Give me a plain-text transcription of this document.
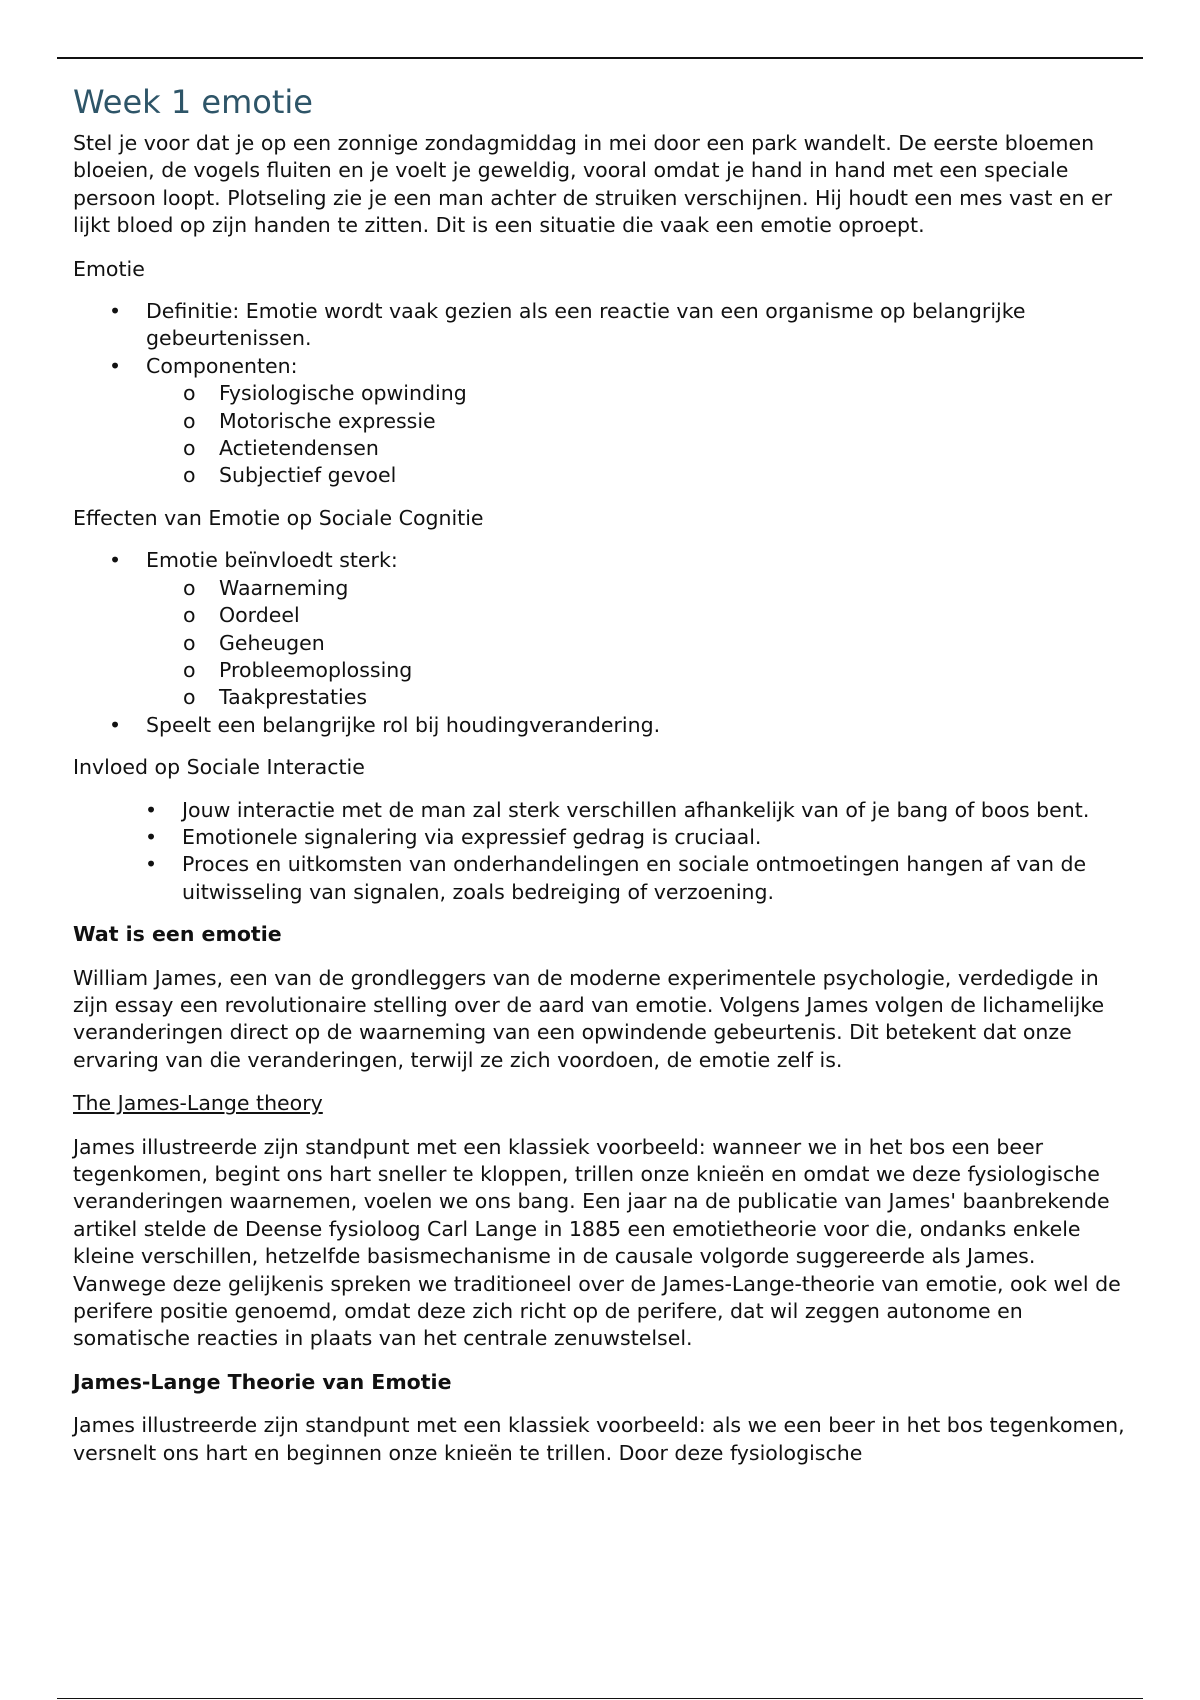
Week 1 emotie

Stel je voor dat je op een zonnige zondagmiddag in mei door een park wandelt. De eerste bloemen bloeien, de vogels fluiten en je voelt je geweldig, vooral omdat je hand in hand met een speciale persoon loopt. Plotseling zie je een man achter de struiken verschijnen. Hij houdt een mes vast en er lijkt bloed op zijn handen te zitten. Dit is een situatie die vaak een emotie oproept.

Emotie
• Definitie: Emotie wordt vaak gezien als een reactie van een organisme op belangrijke gebeurtenissen.
• Componenten:
o Fysiologische opwinding
o Motorische expressie
o Actietendensen
o Subjectief gevoel
Effecten van Emotie op Sociale Cognitie
• Emotie beïnvloedt sterk:
o Waarneming
o Oordeel
o Geheugen
o Probleemoplossing
o Taakprestaties
• Speelt een belangrijke rol bij houdingverandering.
Invloed op Sociale Interactie
• Jouw interactie met de man zal sterk verschillen afhankelijk van of je bang of boos bent.
• Emotionele signalering via expressief gedrag is cruciaal.
• Proces en uitkomsten van onderhandelingen en sociale ontmoetingen hangen af van de uitwisseling van signalen, zoals bedreiging of verzoening.

Wat is een emotie

William James, een van de grondleggers van de moderne experimentele psychologie, verdedigde in zijn essay een revolutionaire stelling over de aard van emotie. Volgens James volgen de lichamelijke veranderingen direct op de waarneming van een opwindende gebeurtenis. Dit betekent dat onze ervaring van die veranderingen, terwijl ze zich voordoen, de emotie zelf is.

The James-Lange theory

James illustreerde zijn standpunt met een klassiek voorbeeld: wanneer we in het bos een beer tegenkomen, begint ons hart sneller te kloppen, trillen onze knieën en omdat we deze fysiologische veranderingen waarnemen, voelen we ons bang. Een jaar na de publicatie van James' baanbrekende artikel stelde de Deense fysioloog Carl Lange in 1885 een emotietheorie voor die, ondanks enkele kleine verschillen, hetzelfde basismechanisme in de causale volgorde suggereerde als James. Vanwege deze gelijkenis spreken we traditioneel over de James-Lange-theorie van emotie, ook wel de perifere positie genoemd, omdat deze zich richt op de perifere, dat wil zeggen autonome en somatische reacties in plaats van het centrale zenuwstelsel.

James-Lange Theorie van Emotie

James illustreerde zijn standpunt met een klassiek voorbeeld: als we een beer in het bos tegenkomen, versnelt ons hart en beginnen onze knieën te trillen. Door deze fysiologische
